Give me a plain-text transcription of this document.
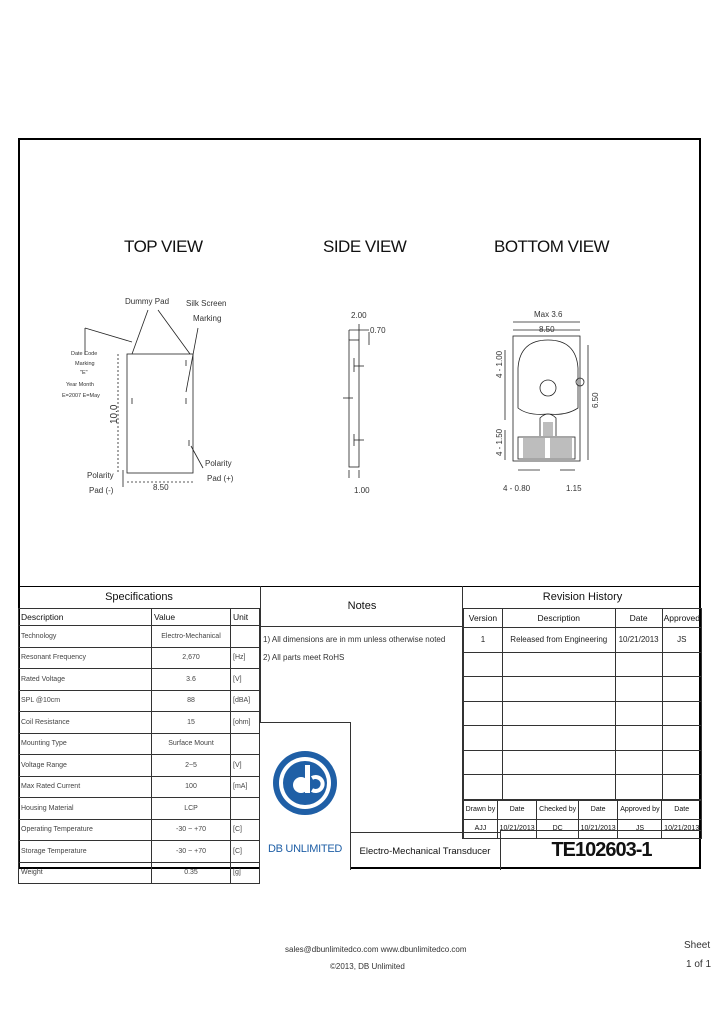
TOP VIEW	SIDE VIEW	BOTTOM VIEW
Dummy Pad Silk Screen
Marking
Date Code
Marking
"E"
Year Month
E=2007 E=May
10.0
8.50
Polarity
Pad (-)
Polarity
Pad (+)
2.00
0.70
1.00
Max 3.6
8.50
4 - 1.00
4 - 1.50
6.50
4 - 0.80	1.15
Specifications
Description	Value	Unit
Technology	Electro-Mechanical	
Resonant Frequency	2,670	[Hz]
Rated Voltage	3.6	[V]
SPL @10cm	88	[dBA]
Coil Resistance	15	[ohm]
Mounting Type	Surface Mount	
Voltage Range	2~5	[V]
Max Rated Current	100	[mA]
Housing Material	LCP	
Operating Temperature	-30 ~ +70	[C]
Storage Temperature	-30 ~ +70	[C]
Weight	0.35	[g]
Notes
1) All dimensions are in mm unless otherwise noted
2) All parts meet RoHS
DB UNLIMITED	Electro-Mechanical Transducer
Revision History
Version	Description	Date	Approved
1	Released from Engineering	10/21/2013	JS

Drawn by	Date	Checked by	Date	Approved by	Date
AJJ	10/21/2013	DC	10/21/2013	JS	10/21/2013
TE102603-1
sales@dbunlimitedco.com www.dbunlimitedco.com
©2013, DB Unlimited
Sheet
1 of 1
